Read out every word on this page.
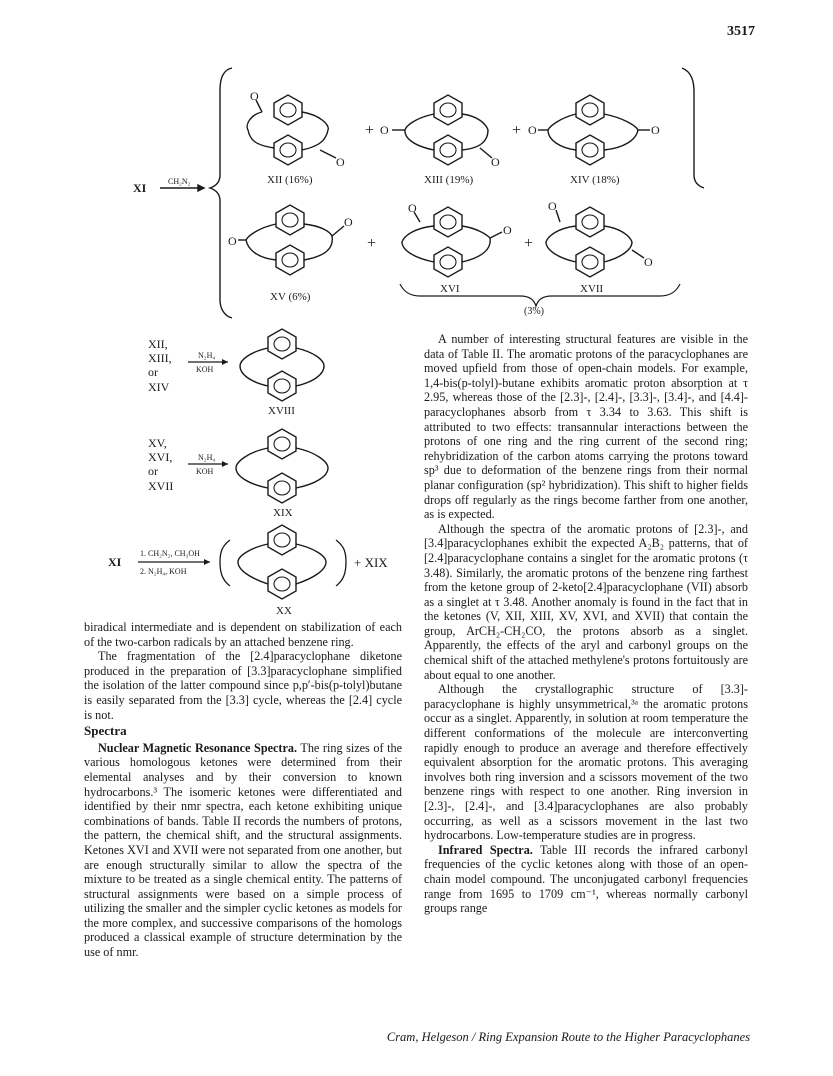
3517
O
O
XII (16%)
+ O
O
XIII (19%)
+ O	O
XIV (18%)
XI	CH₂N₂
O
O
XV (6%)
+
O
O
XVI
+
O
O
XVII
(3%)
XII,
XIII,
or
XIV
N₂H₄
KOH
XVIII
XV,
XVI,
or
XVII
N₂H₄
KOH
XIX
XI
1. CH₂N₂, CH₃OH
2. N₂H₄, KOH
XX
+ XIX

biradical intermediate and is dependent on stabilization of each of the two-carbon radicals by an attached benzene ring.

The fragmentation of the [2.4]paracyclophane diketone produced in the preparation of [3.3]paracyclophane simplified the isolation of the latter compound since p,p′-bis(p-tolyl)butane is easily separated from the [3.3] cycle, whereas the [2.4] cycle is not.

Spectra

Nuclear Magnetic Resonance Spectra. The ring sizes of the various homologous ketones were determined from their elemental analyses and by their conversion to known hydrocarbons.³ The isomeric ketones were differentiated and identified by their nmr spectra, each ketone exhibiting unique combinations of bands. Table II records the numbers of protons, the pattern, the chemical shift, and the structural assignments. Ketones XVI and XVII were not separated from one another, but are enough structurally similar to allow the spectra of the mixture to be treated as a single chemical entity. The patterns of structural assignments were based on a simple process of utilizing the smaller and the simpler cyclic ketones as models for the more complex, and successive comparisons of the homologs produced a classical example of structure determination by the use of nmr.

A number of interesting structural features are visible in the data of Table II. The aromatic protons of the paracyclophanes are moved upfield from those of open-chain models. For example, 1,4-bis(p-tolyl)-butane exhibits aromatic proton absorption at τ 2.95, whereas those of the [2.3]-, [2.4]-, [3.3]-, [3.4]-, and [4.4]-paracyclophanes absorb from τ 3.34 to 3.63. This shift is attributed to two effects: transannular interactions between the protons of one ring and the ring current of the second ring; rehybridization of the carbon atoms carrying the protons toward sp³ due to deformation of the benzene rings from their normal planar configuration (sp² hybridization). This shift to higher fields drops off regularly as the rings become farther from one another, as is expected.

Although the spectra of the aromatic protons of [2.3]-, and [3.4]paracyclophanes exhibit the expected A₂B₂ patterns, that of [2.4]paracyclophane contains a singlet for the aromatic protons (τ 3.48). Similarly, the aromatic protons of the benzene ring farthest from the ketone group of 2-keto[2.4]paracyclophane (VII) absorb as a singlet at τ 3.48. Another anomaly is found in the fact that in the ketones (V, XII, XIII, XV, XVI, and XVII) that contain the group, ArCH₂-CH₂CO, the protons absorb as a singlet. Apparently, the effects of the aryl and carbonyl groups on the chemical shift of the attached methylene's protons fortuitously are about equal to one another.

Although the crystallographic structure of [3.3]-paracyclophane is highly unsymmetrical,³ᵃ the aromatic protons occur as a singlet. Apparently, in solution at room temperature the different conformations of the molecule are interconverting rapidly enough to produce an average and therefore effectively equivalent absorption for the aromatic protons. This averaging involves both ring inversion and a scissors movement of the two benzene rings with respect to one another. Ring inversion in [2.3]-, [2.4]-, and [3.4]paracyclophanes are also probably occurring, as well as a scissors movement in the last two hydrocarbons. Low-temperature studies are in progress.

Infrared Spectra. Table III records the infrared carbonyl frequencies of the cyclic ketones along with those of an open-chain model compound. The unconjugated carbonyl frequencies range from 1695 to 1709 cm⁻¹, whereas normally carbonyl groups range

Cram, Helgeson / Ring Expansion Route to the Higher Paracyclophanes
